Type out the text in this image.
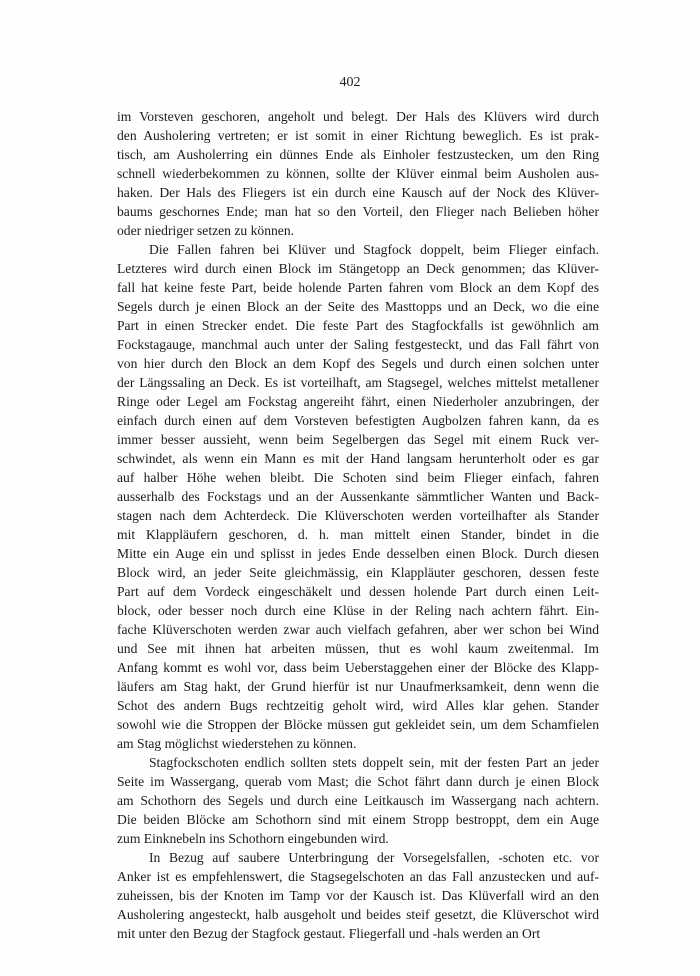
402

im Vorsteven geschoren, angeholt und belegt. Der Hals des Klüvers wird durch
den Ausholering vertreten; er ist somit in einer Richtung beweglich. Es ist prak-
tisch, am Ausholerring ein dünnes Ende als Einholer festzustecken, um den Ring
schnell wiederbekommen zu können, sollte der Klüver einmal beim Ausholen aus-
haken. Der Hals des Fliegers ist ein durch eine Kausch auf der Nock des Klüver-
baums geschornes Ende; man hat so den Vorteil, den Flieger nach Belieben höher
oder niedriger setzen zu können.
Die Fallen fahren bei Klüver und Stagfock doppelt, beim Flieger einfach.
Letzteres wird durch einen Block im Stängetopp an Deck genommen; das Klüver-
fall hat keine feste Part, beide holende Parten fahren vom Block an dem Kopf des
Segels durch je einen Block an der Seite des Masttopps und an Deck, wo die eine
Part in einen Strecker endet. Die feste Part des Stagfockfalls ist gewöhnlich am
Fockstagauge, manchmal auch unter der Saling festgesteckt, und das Fall fährt von
von hier durch den Block an dem Kopf des Segels und durch einen solchen unter
der Längssaling an Deck. Es ist vorteilhaft, am Stagsegel, welches mittelst metallener
Ringe oder Legel am Fockstag angereiht fährt, einen Niederholer anzubringen, der
einfach durch einen auf dem Vorsteven befestigten Augbolzen fahren kann, da es
immer besser aussieht, wenn beim Segelbergen das Segel mit einem Ruck ver-
schwindet, als wenn ein Mann es mit der Hand langsam herunterholt oder es gar
auf halber Höhe wehen bleibt. Die Schoten sind beim Flieger einfach, fahren
ausserhalb des Fockstags und an der Aussenkante sämmtlicher Wanten und Back-
stagen nach dem Achterdeck. Die Klüverschoten werden vorteilhafter als Stander
mit Klappläufern geschoren, d. h. man mittelt einen Stander, bindet in die
Mitte ein Auge ein und splisst in jedes Ende desselben einen Block. Durch diesen
Block wird, an jeder Seite gleichmässig, ein Klappläuter geschoren, dessen feste
Part auf dem Vordeck eingeschäkelt und dessen holende Part durch einen Leit-
block, oder besser noch durch eine Klüse in der Reling nach achtern fährt. Ein-
fache Klüverschoten werden zwar auch vielfach gefahren, aber wer schon bei Wind
und See mit ihnen hat arbeiten müssen, thut es wohl kaum zweitenmal. Im
Anfang kommt es wohl vor, dass beim Ueberstaggehen einer der Blöcke des Klapp-
läufers am Stag hakt, der Grund hierfür ist nur Unaufmerksamkeit, denn wenn die
Schot des andern Bugs rechtzeitig geholt wird, wird Alles klar gehen. Stander
sowohl wie die Stroppen der Blöcke müssen gut gekleidet sein, um dem Schamfielen
am Stag möglichst wiederstehen zu können.
Stagfockschoten endlich sollten stets doppelt sein, mit der festen Part an jeder
Seite im Wassergang, querab vom Mast; die Schot fährt dann durch je einen Block
am Schothorn des Segels und durch eine Leitkausch im Wassergang nach achtern.
Die beiden Blöcke am Schothorn sind mit einem Stropp bestroppt, dem ein Auge
zum Einknebeln ins Schothorn eingebunden wird.
In Bezug auf saubere Unterbringung der Vorsegelsfallen, -schoten etc. vor
Anker ist es empfehlenswert, die Stagsegelschoten an das Fall anzustecken und auf-
zuheissen, bis der Knoten im Tamp vor der Kausch ist. Das Klüverfall wird an den
Ausholering angesteckt, halb ausgeholt und beides steif gesetzt, die Klüverschot wird
mit unter den Bezug der Stagfock gestaut. Fliegerfall und -hals werden an Ort
